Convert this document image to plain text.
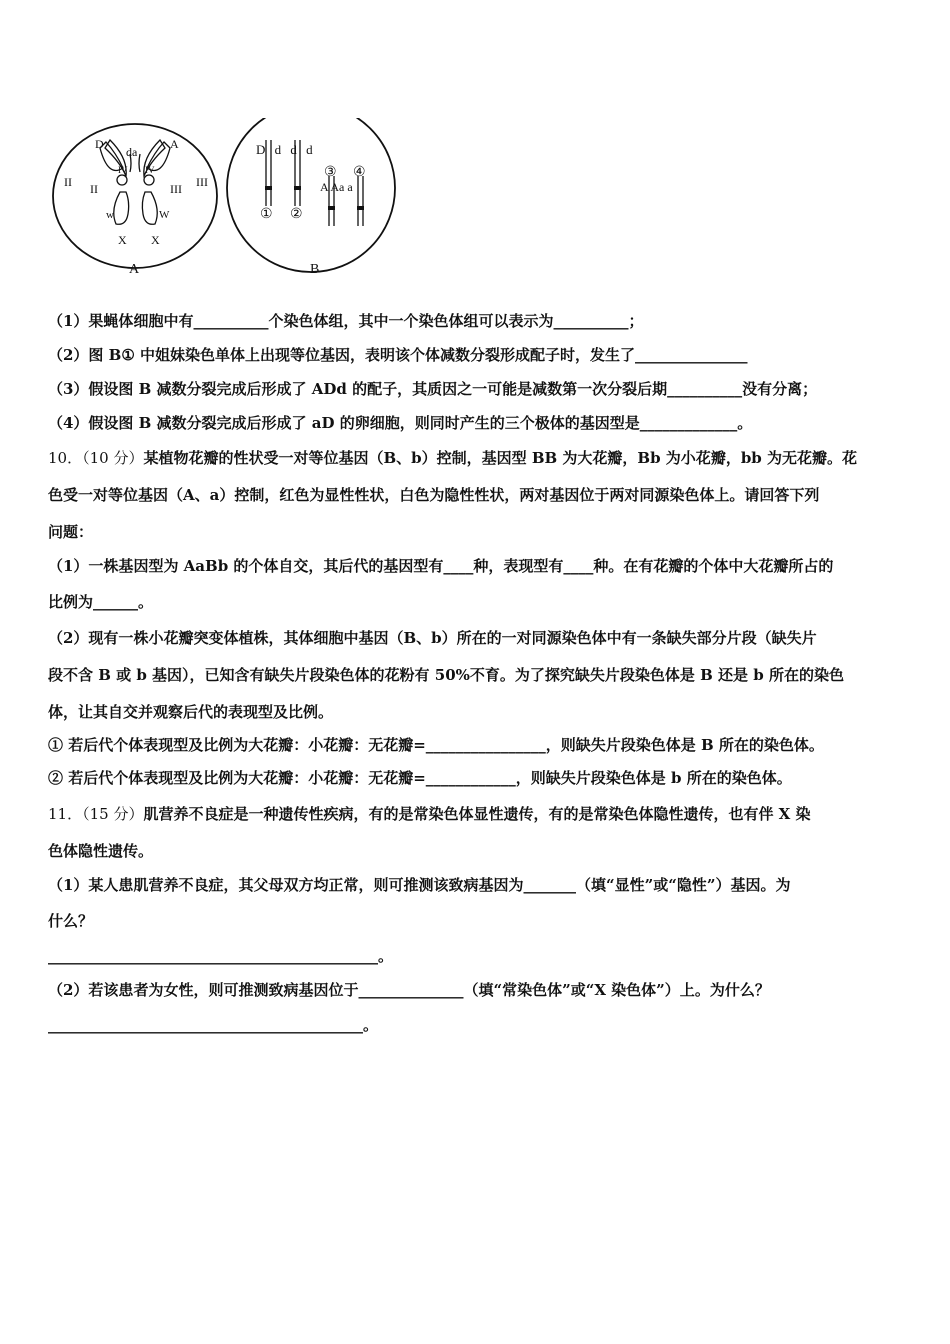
D
da
A
II II	III III
IV IV
w	W
X X
A
D d d d
A Aa a
① ②
③ ④
B
（1）果蝇体细胞中有__________个染色体组，其中一个染色体组可以表示为__________；
（2）图 B① 中姐妹染色单体上出现等位基因，表明该个体减数分裂形成配子时，发生了_______________
（3）假设图 B 减数分裂完成后形成了 ADd 的配子，其质因之一可能是减数第一次分裂后期__________没有分离；
（4）假设图 B 减数分裂完成后形成了 aD 的卵细胞，则同时产生的三个极体的基因型是_____________。
10．（10 分）某植物花瓣的性状受一对等位基因（B、b）控制，基因型 BB 为大花瓣，Bb 为小花瓣，bb 为无花瓣。花
色受一对等位基因（A、a）控制，红色为显性性状，白色为隐性性状，两对基因位于两对同源染色体上。请回答下列
问题：
（1）一株基因型为 AaBb 的个体自交，其后代的基因型有____种，表现型有____种。在有花瓣的个体中大花瓣所占的
比例为______。
（2）现有一株小花瓣突变体植株，其体细胞中基因（B、b）所在的一对同源染色体中有一条缺失部分片段（缺失片
段不含 B 或 b 基因），已知含有缺失片段染色体的花粉有 50%不育。为了探究缺失片段染色体是 B 还是 b 所在的染色
体，让其自交并观察后代的表现型及比例。
① 若后代个体表现型及比例为大花瓣：小花瓣：无花瓣=________________，则缺失片段染色体是 B 所在的染色体。
② 若后代个体表现型及比例为大花瓣：小花瓣：无花瓣=____________，则缺失片段染色体是 b 所在的染色体。
11．（15 分）肌营养不良症是一种遗传性疾病，有的是常染色体显性遗传，有的是常染色体隐性遗传，也有伴 X 染
色体隐性遗传。
（1）某人患肌营养不良症，其父母双方均正常，则可推测该致病基因为_______（填“显性”或“隐性”）基因。为
什么？
____________________________________________。
（2）若该患者为女性，则可推测致病基因位于______________（填“常染色体”或“X 染色体”）上。为什么？
__________________________________________。
